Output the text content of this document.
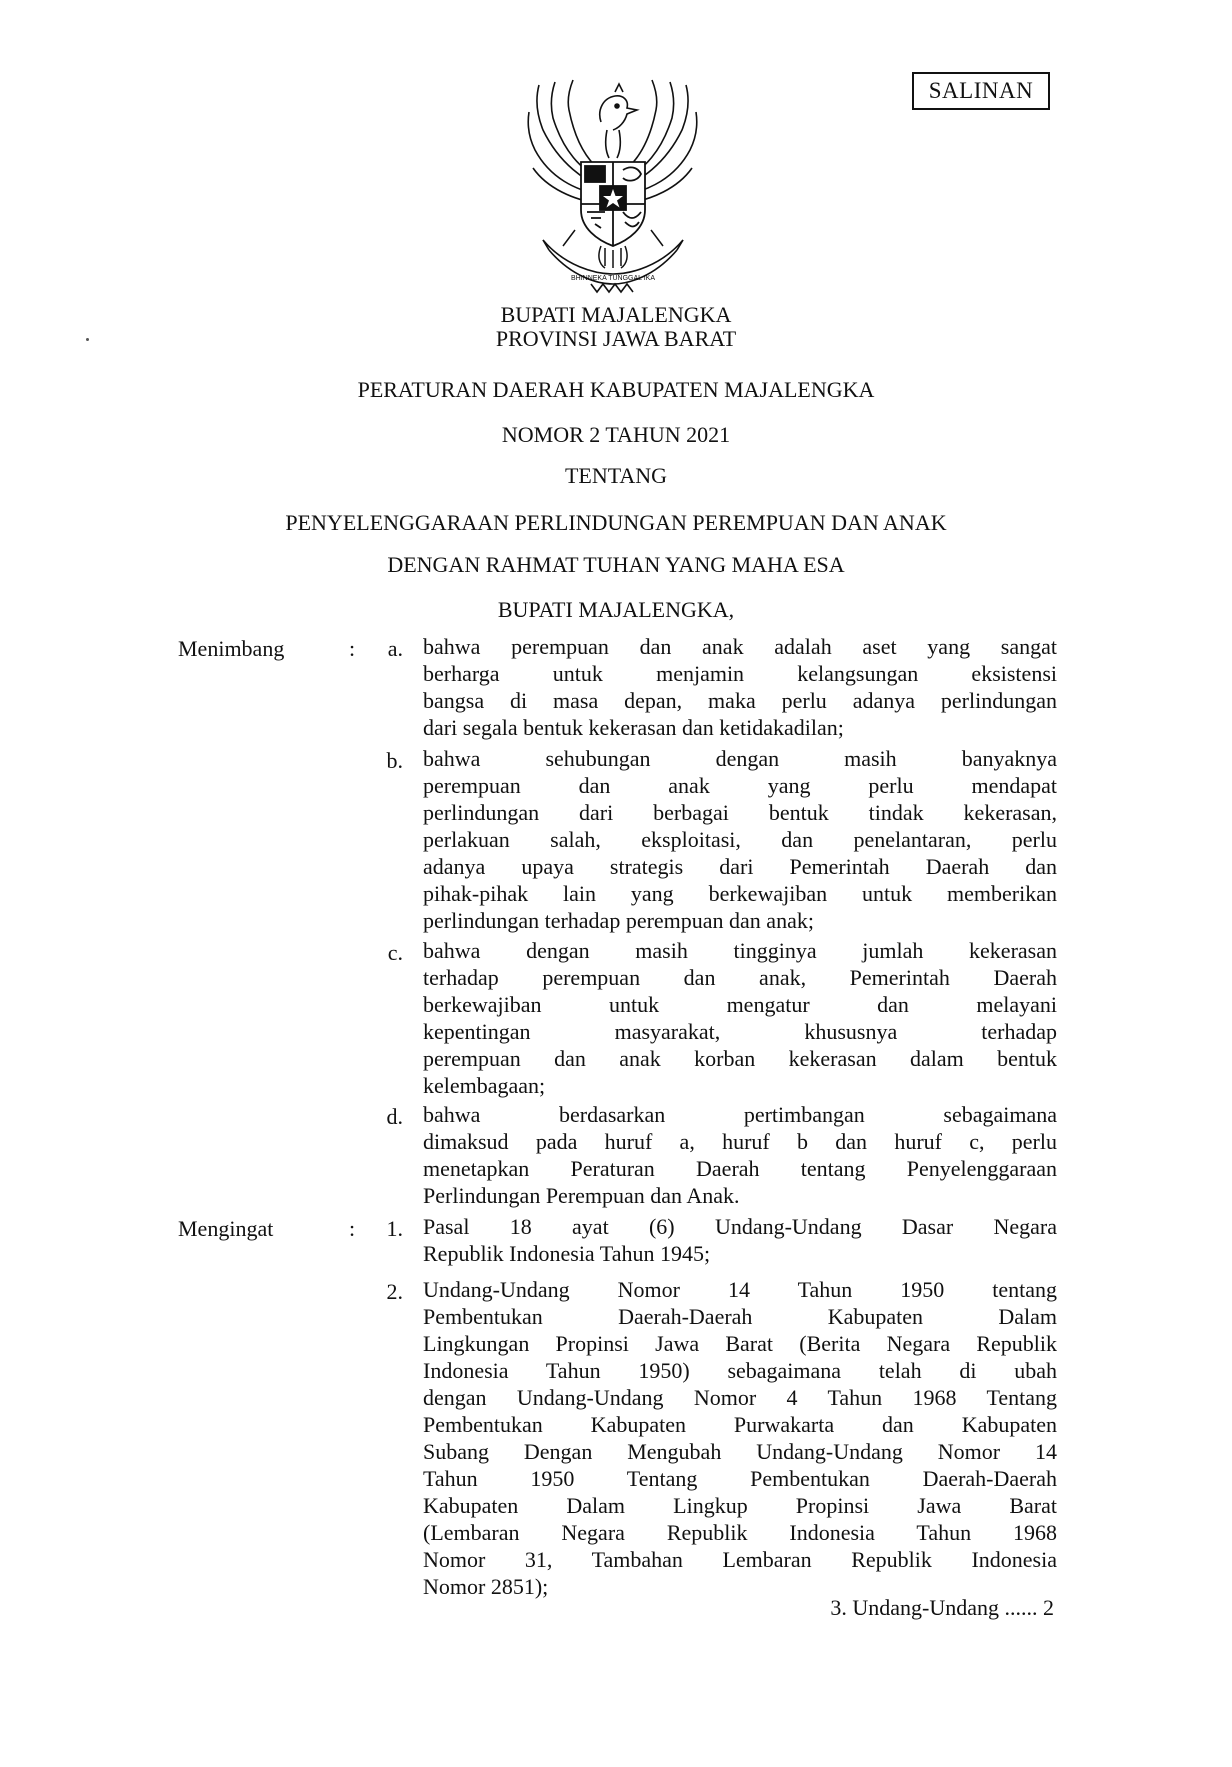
SALINAN
BHINNEKA TUNGGAL IKA
BUPATI MAJALENGKA
PROVINSI JAWA BARAT
PERATURAN DAERAH KABUPATEN MAJALENGKA
NOMOR 2 TAHUN 2021
TENTANG
PENYELENGGARAAN PERLINDUNGAN PEREMPUAN DAN ANAK
DENGAN RAHMAT TUHAN YANG MAHA ESA
BUPATI MAJALENGKA,
Menimbang	:	a. bahwa perempuan dan anak adalah aset yang sangat

berharga untuk menjamin kelangsungan eksistensi

bangsa di masa depan, maka perlu adanya perlindungan

dari segala bentuk kekerasan dan ketidakadilan;

b. bahwa sehubungan dengan masih banyaknya

perempuan dan anak yang perlu mendapat

perlindungan dari berbagai bentuk tindak kekerasan,

perlakuan salah, eksploitasi, dan penelantaran, perlu

adanya upaya strategis dari Pemerintah Daerah dan

pihak-pihak lain yang berkewajiban untuk memberikan

perlindungan terhadap perempuan dan anak;

c. bahwa dengan masih tingginya jumlah kekerasan

terhadap perempuan dan anak, Pemerintah Daerah

berkewajiban untuk mengatur dan melayani

kepentingan masyarakat, khususnya terhadap

perempuan dan anak korban kekerasan dalam bentuk

kelembagaan;

d. bahwa berdasarkan pertimbangan sebagaimana

dimaksud pada huruf a, huruf b dan huruf c, perlu

menetapkan Peraturan Daerah tentang Penyelenggaraan

Perlindungan Perempuan dan Anak.

Mengingat	:	1. Pasal 18 ayat (6) Undang-Undang Dasar Negara

Republik Indonesia Tahun 1945;

2. Undang-Undang Nomor 14 Tahun 1950 tentang

Pembentukan Daerah-Daerah Kabupaten Dalam

Lingkungan Propinsi Jawa Barat (Berita Negara Republik

Indonesia Tahun 1950) sebagaimana telah di ubah

dengan Undang-Undang Nomor 4 Tahun 1968 Tentang

Pembentukan Kabupaten Purwakarta dan Kabupaten

Subang Dengan Mengubah Undang-Undang Nomor 14

Tahun 1950 Tentang Pembentukan Daerah-Daerah

Kabupaten Dalam Lingkup Propinsi Jawa Barat

(Lembaran Negara Republik Indonesia Tahun 1968

Nomor 31, Tambahan Lembaran Republik Indonesia

Nomor 2851);

3. Undang-Undang ...... 2
